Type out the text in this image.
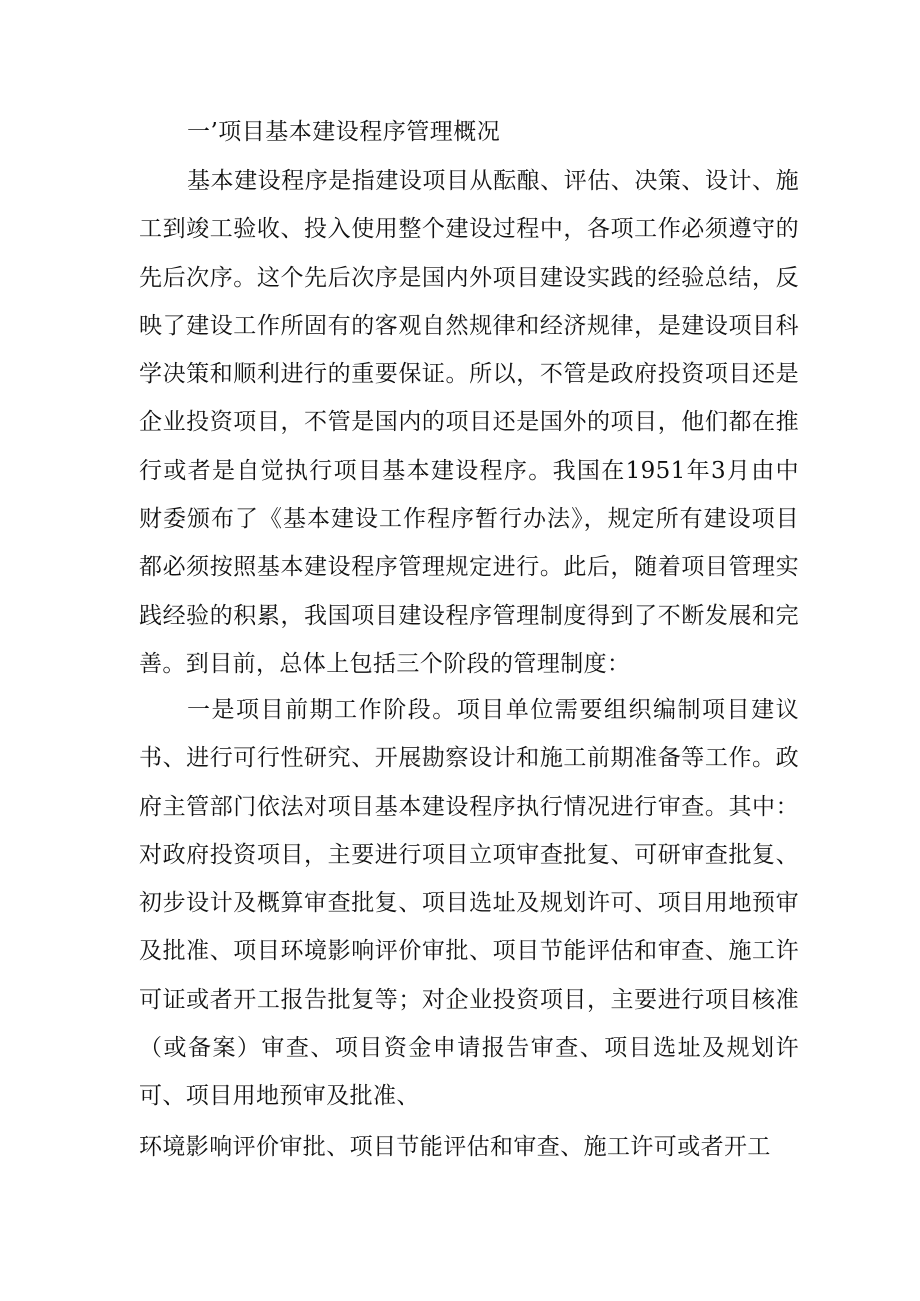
一’项目基本建设程序管理概况

基本建设程序是指建设项目从酝酿、评估、决策、设计、施工到竣工验收、投入使用整个建设过程中，各项工作必须遵守的先后次序。这个先后次序是国内外项目建设实践的经验总结，反映了建设工作所固有的客观自然规律和经济规律，是建设项目科学决策和顺利进行的重要保证。所以，不管是政府投资项目还是企业投资项目，不管是国内的项目还是国外的项目，他们都在推行或者是自觉执行项目基本建设程序。我国在1951年3月由中财委颁布了《基本建设工作程序暂行办法》，规定所有建设项目都必须按照基本建设程序管理规定进行。此后，随着项目管理实践经验的积累，我国项目建设程序管理制度得到了不断发展和完善。到目前，总体上包括三个阶段的管理制度：

一是项目前期工作阶段。项目单位需要组织编制项目建议书、进行可行性研究、开展勘察设计和施工前期准备等工作。政府主管部门依法对项目基本建设程序执行情况进行审查。其中：对政府投资项目，主要进行项目立项审查批复、可研审查批复、初步设计及概算审查批复、项目选址及规划许可、项目用地预审及批准、项目环境影响评价审批、项目节能评估和审查、施工许可证或者开工报告批复等；对企业投资项目，主要进行项目核准（或备案）审查、项目资金申请报告审查、项目选址及规划许可、项目用地预审及批准、

环境影响评价审批、项目节能评估和审查、施工许可或者开工
